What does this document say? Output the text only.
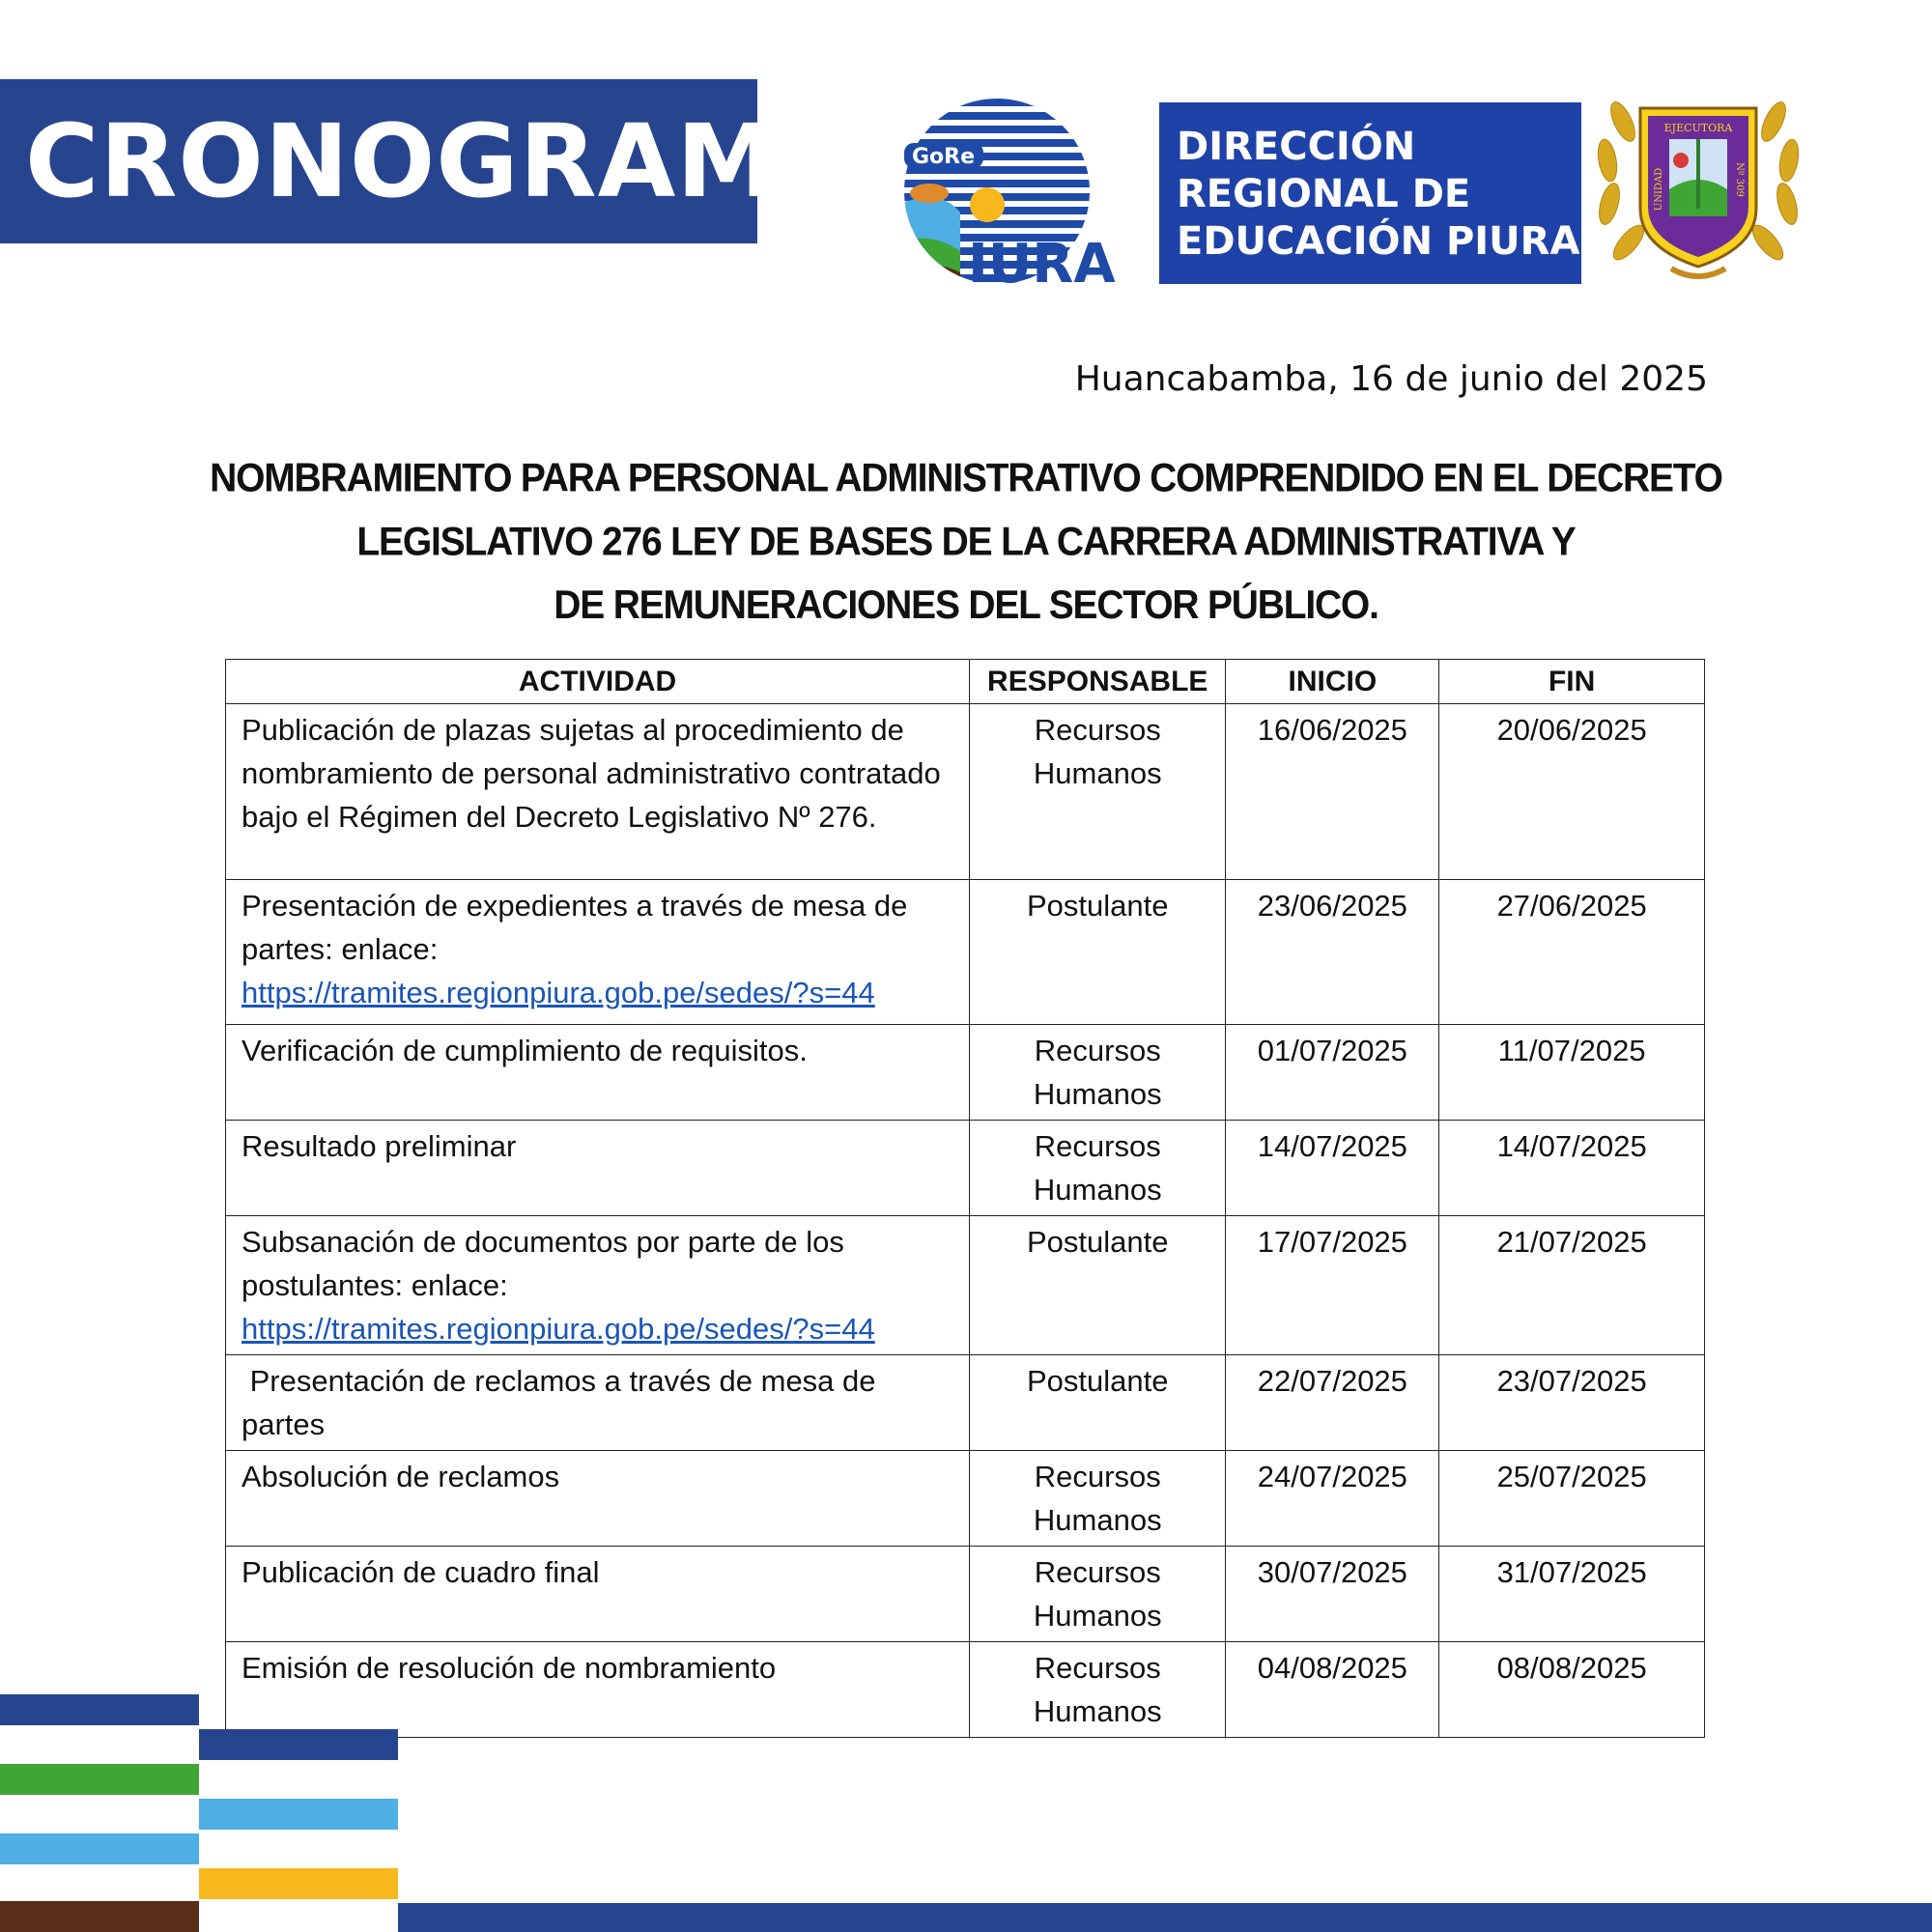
CRONOGRAMA	GoRe
IURA
DIRECCIÓN
REGIONAL DE
EDUCACIÓN PIURA
EJECUTORA
UNIDAD	Nº 309
Huancabamba, 16 de junio del 2025
NOMBRAMIENTO PARA PERSONAL ADMINISTRATIVO COMPRENDIDO EN EL DECRETO
LEGISLATIVO 276 LEY DE BASES DE LA CARRERA ADMINISTRATIVA Y
DE REMUNERACIONES DEL SECTOR PÚBLICO.
ACTIVIDAD	RESPONSABLE	INICIO	FIN
Publicación de plazas sujetas al procedimiento de nombramiento de personal administrativo contratado bajo el Régimen del Decreto Legislativo Nº 276.	Recursos Humanos	16/06/2025	20/06/2025
Presentación de expedientes a través de mesa de partes: enlace:
https://tramites.regionpiura.gob.pe/sedes/?s=44	Postulante	23/06/2025	27/06/2025
Verificación de cumplimiento de requisitos.	Recursos Humanos	01/07/2025	11/07/2025
Resultado preliminar	Recursos Humanos	14/07/2025	14/07/2025
Subsanación de documentos por parte de los postulantes: enlace:
https://tramites.regionpiura.gob.pe/sedes/?s=44	Postulante	17/07/2025	21/07/2025
Presentación de reclamos a través de mesa de partes	Postulante	22/07/2025	23/07/2025
Absolución de reclamos	Recursos Humanos	24/07/2025	25/07/2025
Publicación de cuadro final	Recursos Humanos	30/07/2025	31/07/2025
Emisión de resolución de nombramiento	Recursos Humanos	04/08/2025	08/08/2025
